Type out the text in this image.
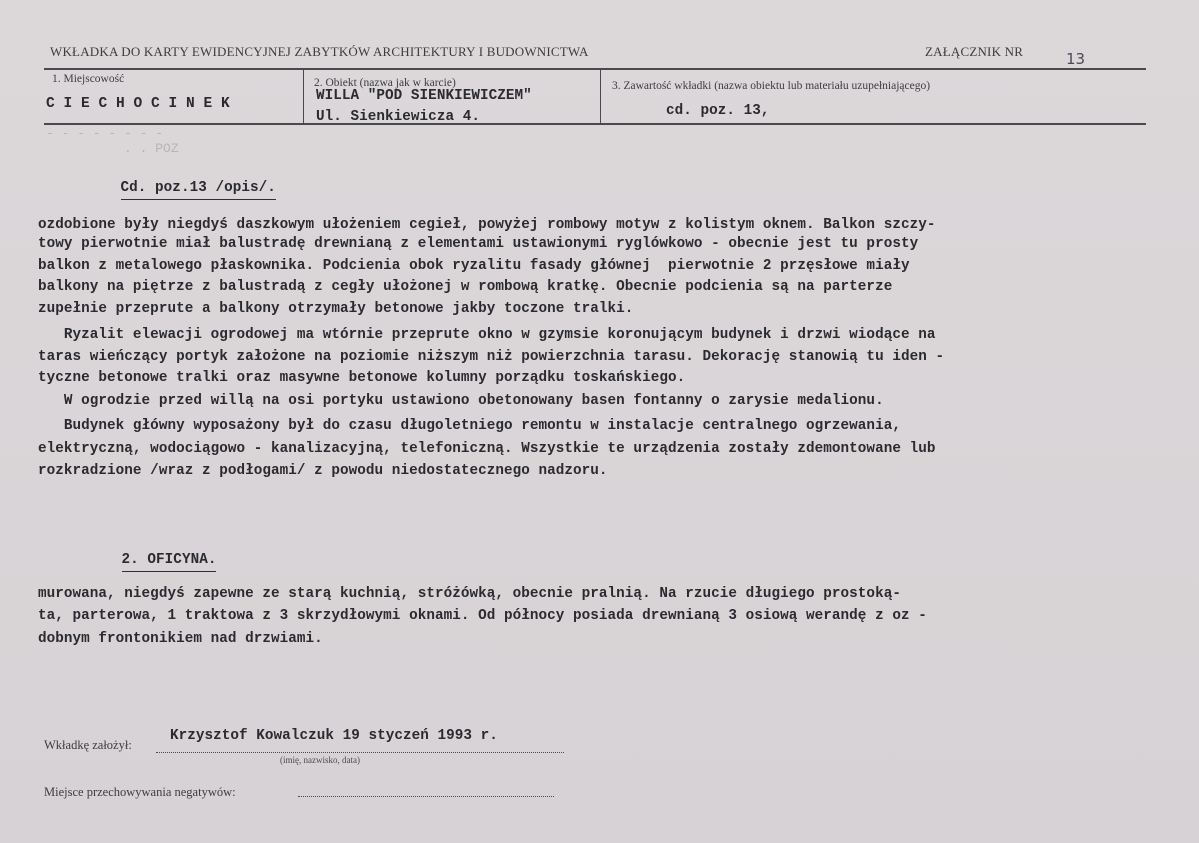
WKŁADKA DO KARTY EWIDENCYJNEJ ZABYTKÓW ARCHITEKTURY I BUDOWNICTWA	ZAŁĄCZNIK NR	13
1. Miejscowość
C I E C H O C I N E K
2. Obiekt (nazwa jak w karcie)
WILLA "POD SIENKIEWICZEM"
Ul. Sienkiewicza 4.
3. Zawartość wkładki (nazwa obiektu lub materiału uzupełniającego)
cd. poz. 13,
- - - - - - - -
. . POZ

Cd. poz.13 /opis/.

ozdobione były niegdyś daszkowym ułożeniem cegieł, powyżej rombowy motyw z kolistym oknem. Balkon szczy-
towy pierwotnie miał balustradę drewnianą z elementami ustawionymi ryglówkowo - obecnie jest tu prosty
balkon z metalowego płaskownika. Podcienia obok ryzalitu fasady głównej  pierwotnie 2 przęsłowe miały
balkony na piętrze z balustradą z cegły ułożonej w rombową kratkę. Obecnie podcienia są na parterze
zupełnie przeprute a balkony otrzymały betonowe jakby toczone tralki.
Ryzalit elewacji ogrodowej ma wtórnie przeprute okno w gzymsie koronującym budynek i drzwi wiodące na
taras wieńczący portyk założone na poziomie niższym niż powierzchnia tarasu. Dekorację stanowią tu iden -
tyczne betonowe tralki oraz masywne betonowe kolumny porządku toskańskiego.
W ogrodzie przed willą na osi portyku ustawiono obetonowany basen fontanny o zarysie medalionu.
Budynek główny wyposażony był do czasu długoletniego remontu w instalacje centralnego ogrzewania,
elektryczną, wodociągowo - kanalizacyjną, telefoniczną. Wszystkie te urządzenia zostały zdemontowane lub
rozkradzione /wraz z podłogami/ z powodu niedostatecznego nadzoru.

2. OFICYNA.

murowana, niegdyś zapewne ze starą kuchnią, stróżówką, obecnie pralnią. Na rzucie długiego prostoką-
ta, parterowa, 1 traktowa z 3 skrzydłowymi oknami. Od północy posiada drewnianą 3 osiową werandę z oz -
dobnym frontonikiem nad drzwiami.
Wkładkę założył:
Krzysztof Kowalczuk 19 styczeń 1993 r.
(imię, nazwisko, data)
Miejsce przechowywania negatywów:
